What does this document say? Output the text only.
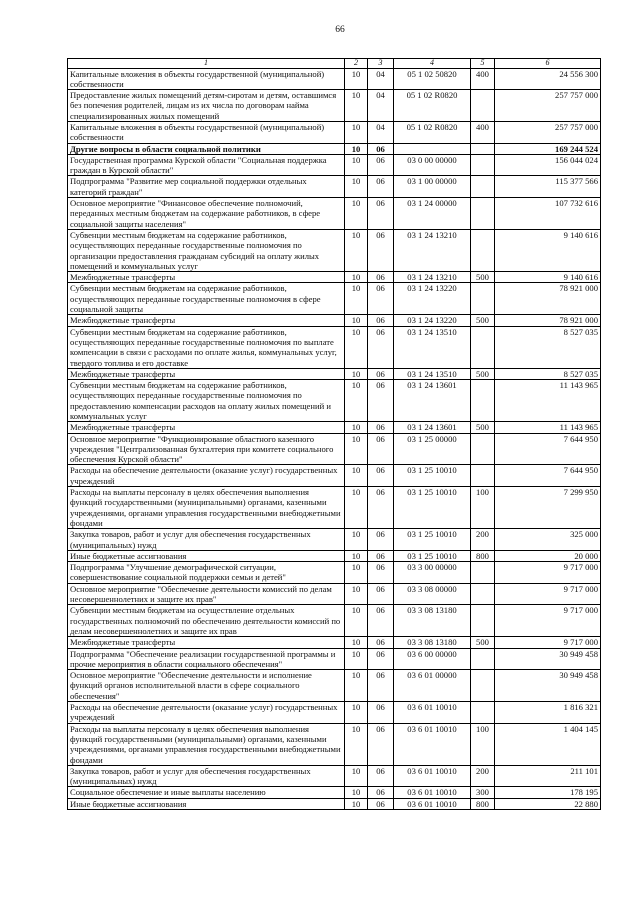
66
1	2	3	4	5	6
Капитальные вложения в объекты государственной (муниципальной) собственности	10	04	05 1 02 50820	400	24 556 300
Предоставление жилых помещений детям-сиротам и детям, оставшимся без попечения родителей, лицам из их числа по договорам найма специализированных жилых помещений	10	04	05 1 02 R0820		257 757 000
Капитальные вложения в объекты государственной (муниципальной) собственности	10	04	05 1 02 R0820	400	257 757 000
Другие вопросы в области социальной политики	10	06			169 244 524
Государственная программа Курской области "Социальная поддержка граждан в Курской области"	10	06	03 0 00 00000		156 044 024
Подпрограмма "Развитие мер социальной поддержки отдельных категорий граждан"	10	06	03 1 00 00000		115 377 566
Основное мероприятие "Финансовое обеспечение полномочий, переданных местным бюджетам на содержание работников, в сфере социальной защиты населения"	10	06	03 1 24 00000		107 732 616
Субвенции местным бюджетам на содержание работников, осуществляющих переданные государственные полномочия по организации предоставления гражданам субсидий на оплату жилых помещений и коммунальных услуг	10	06	03 1 24 13210		9 140 616
Межбюджетные трансферты	10	06	03 1 24 13210	500	9 140 616
Субвенции местным бюджетам на содержание работников, осуществляющих переданные государственные полномочия в сфере социальной защиты	10	06	03 1 24 13220		78 921 000
Межбюджетные трансферты	10	06	03 1 24 13220	500	78 921 000
Субвенции местным бюджетам на содержание работников, осуществляющих переданные государственные полномочия по выплате компенсации в связи с расходами по оплате жилья, коммунальных услуг, твердого топлива и его доставке	10	06	03 1 24 13510		8 527 035
Межбюджетные трансферты	10	06	03 1 24 13510	500	8 527 035
Субвенции местным бюджетам на содержание работников, осуществляющих переданные государственные полномочия по предоставлению компенсации расходов на оплату жилых помещений и коммунальных услуг	10	06	03 1 24 13601		11 143 965
Межбюджетные трансферты	10	06	03 1 24 13601	500	11 143 965
Основное мероприятие "Функционирование областного казенного учреждения "Централизованная бухгалтерия при комитете социального обеспечения Курской области"	10	06	03 1 25 00000		7 644 950
Расходы на обеспечение деятельности (оказание услуг) государственных учреждений	10	06	03 1 25 10010		7 644 950
Расходы на выплаты персоналу в целях обеспечения выполнения функций государственными (муниципальными) органами, казенными учреждениями, органами управления государственными внебюджетными фондами	10	06	03 1 25 10010	100	7 299 950
Закупка товаров, работ и услуг для обеспечения государственных (муниципальных) нужд	10	06	03 1 25 10010	200	325 000
Иные бюджетные ассигнования	10	06	03 1 25 10010	800	20 000
Подпрограмма "Улучшение демографической ситуации, совершенствование социальной поддержки семьи и детей"	10	06	03 3 00 00000		9 717 000
Основное мероприятие "Обеспечение деятельности комиссий по делам несовершеннолетних и защите их прав"	10	06	03 3 08 00000		9 717 000
Субвенции местным бюджетам на осуществление отдельных государственных полномочий по обеспечению деятельности комиссий по делам несовершеннолетних и защите их прав	10	06	03 3 08 13180		9 717 000
Межбюджетные трансферты	10	06	03 3 08 13180	500	9 717 000
Подпрограмма "Обеспечение реализации государственной программы и прочие мероприятия в области социального обеспечения"	10	06	03 6 00 00000		30 949 458
Основное мероприятие "Обеспечение деятельности и исполнение функций органов исполнительной власти в сфере социального обеспечения"	10	06	03 6 01 00000		30 949 458
Расходы на обеспечение деятельности (оказание услуг) государственных учреждений	10	06	03 6 01 10010		1 816 321
Расходы на выплаты персоналу в целях обеспечения выполнения функций государственными (муниципальными) органами, казенными учреждениями, органами управления государственными внебюджетными фондами	10	06	03 6 01 10010	100	1 404 145
Закупка товаров, работ и услуг для обеспечения государственных (муниципальных) нужд	10	06	03 6 01 10010	200	211 101
Социальное обеспечение и иные выплаты населению	10	06	03 6 01 10010	300	178 195
Иные бюджетные ассигнования	10	06	03 6 01 10010	800	22 880
